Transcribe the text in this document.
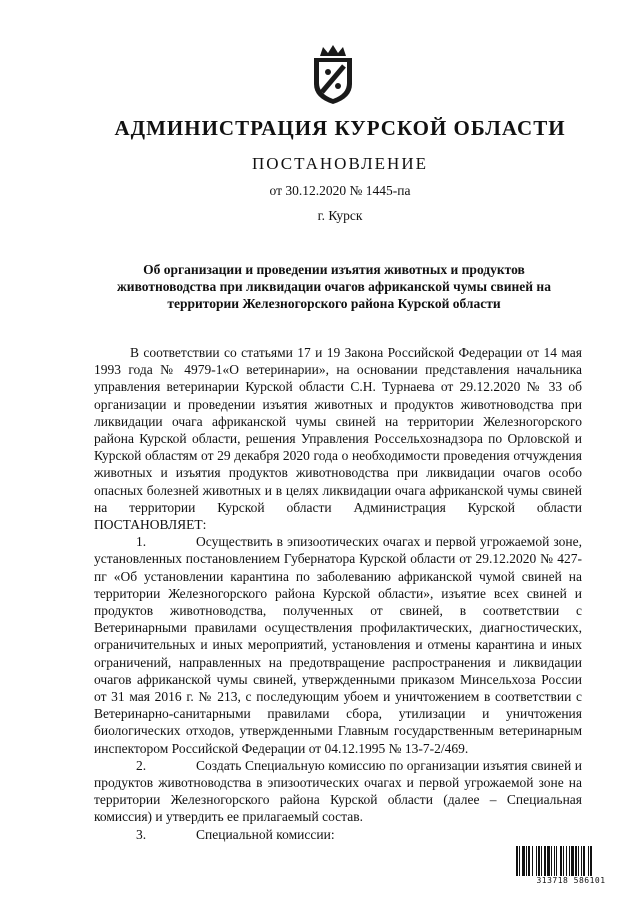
АДМИНИСТРАЦИЯ КУРСКОЙ ОБЛАСТИ
ПОСТАНОВЛЕНИЕ
от 30.12.2020 № 1445-па
г. Курск
Об организации и проведении изъятия животных и продуктов животноводства при ликвидации очагов африканской чумы свиней на территории Железногорского района Курской области

В соответствии со статьями 17 и 19 Закона Российской Федерации от 14 мая 1993 года № 4979-1«О ветеринарии», на основании представления начальника управления ветеринарии Курской области С.Н. Турнаева от 29.12.2020 № 33 об организации и проведении изъятия животных и продуктов животноводства при ликвидации очага африканской чумы свиней на территории Железногорского района Курской области, решения Управления Россельхознадзора по Орловской и Курской областям от 29 декабря 2020 года о необходимости проведения отчуждения животных и изъятия продуктов животноводства при ликвидации очагов особо опасных болезней животных и в целях ликвидации очага африканской чумы свиней на территории Курской области Администрация Курской области ПОСТАНОВЛЯЕТ:

1.	Осуществить в эпизоотических очагах и первой угрожаемой зоне, установленных постановлением Губернатора Курской области от 29.12.2020 № 427-пг «Об установлении карантина по заболеванию африканской чумой свиней на территории Железногорского района Курской области», изъятие всех свиней и продуктов животноводства, полученных от свиней, в соответствии с Ветеринарными правилами осуществления профилактических, диагностических, ограничительных и иных мероприятий, установления и отмены карантина и иных ограничений, направленных на предотвращение распространения и ликвидации очагов африканской чумы свиней, утвержденными приказом Минсельхоза России от 31 мая 2016 г. № 213, с последующим убоем и уничтожением в соответствии с Ветеринарно-санитарными правилами сбора, утилизации и уничтожения биологических отходов, утвержденными Главным государственным ветеринарным инспектором Российской Федерации от 04.12.1995 № 13-7-2/469.

2.	Создать Специальную комиссию по организации изъятия свиней и продуктов животноводства в эпизоотических очагах и первой угрожаемой зоне на территории Железногорского района Курской области (далее – Специальная комиссия) и утвердить ее прилагаемый состав.

3.	Специальной комиссии:

313718 586101
